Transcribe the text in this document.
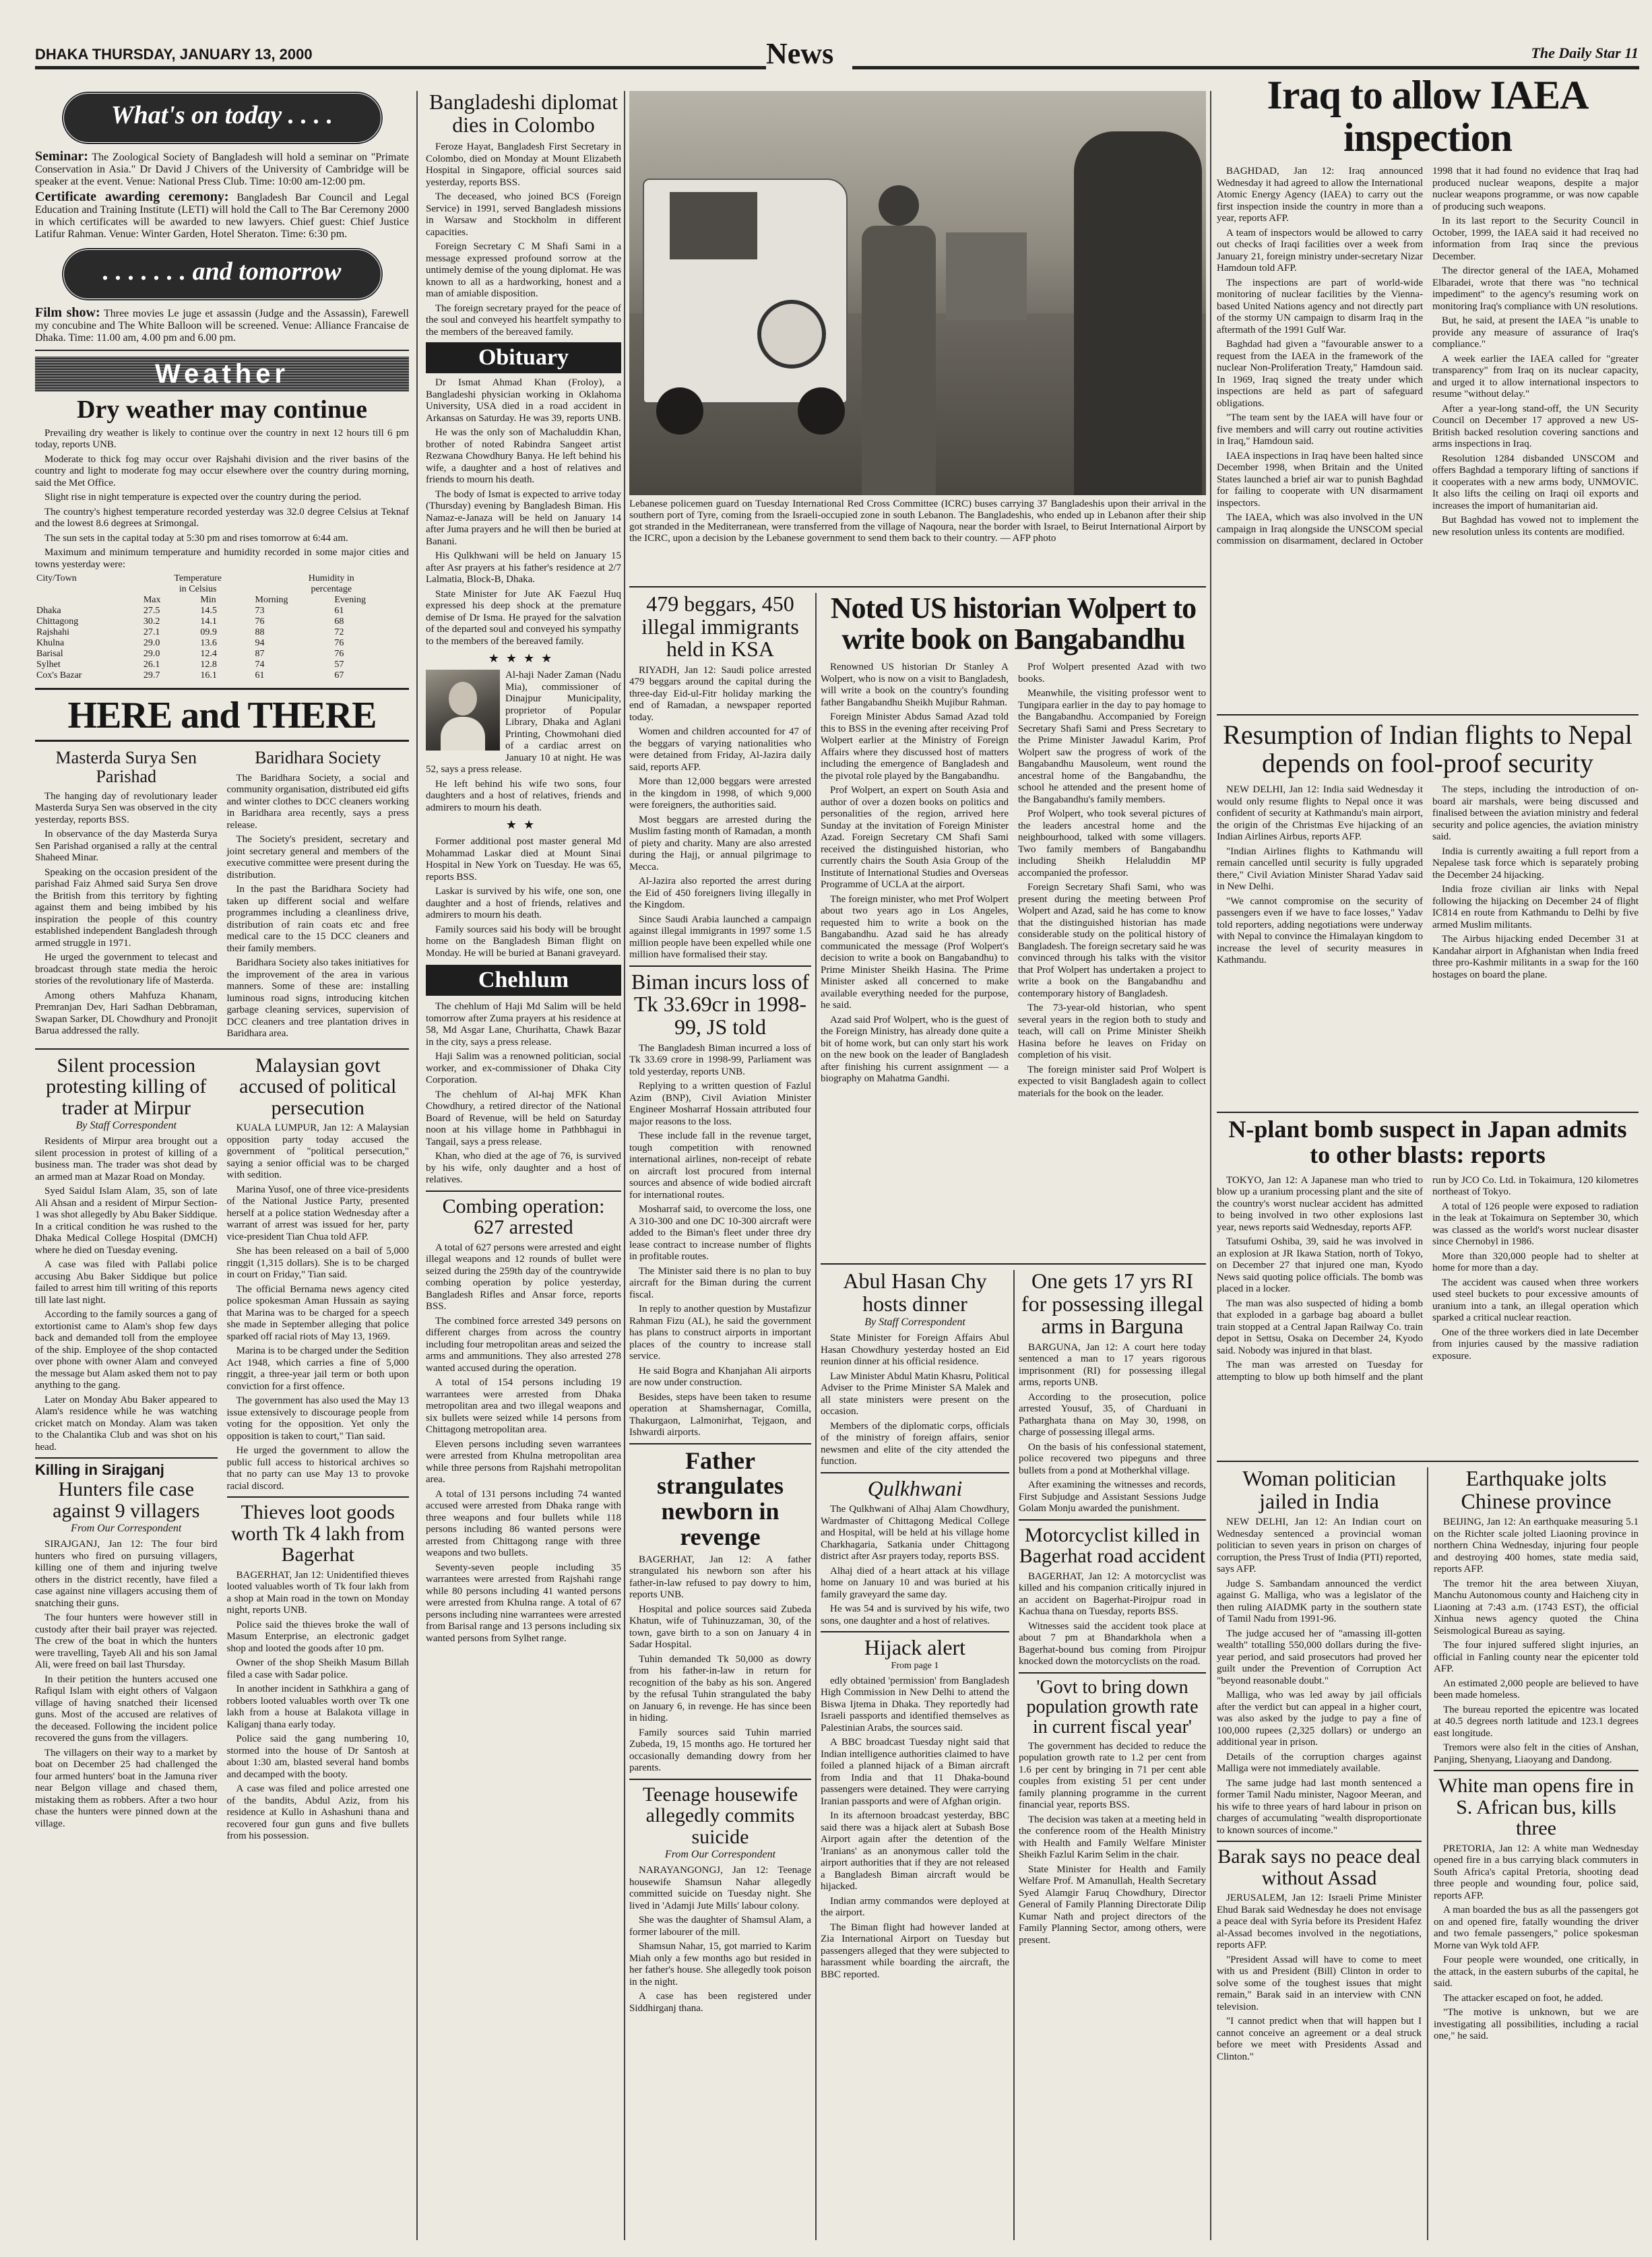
DHAKA THURSDAY, JANUARY 13, 2000	News	The Daily Star 11
What's on today . . . .

Seminar: The Zoological Society of Bangladesh will hold a seminar on "Primate Conservation in Asia." Dr David J Chivers of the University of Cambridge will be speaker at the event. Venue: National Press Club. Time: 10:00 am-12:00 pm.

Certificate awarding ceremony: Bangladesh Bar Council and Legal Education and Training Institute (LETI) will hold the Call to The Bar Ceremony 2000 in which certificates will be awarded to new lawyers. Chief guest: Chief Justice Latifur Rahman. Venue: Winter Garden, Hotel Sheraton. Time: 6:30 pm.

. . . . . . . and tomorrow

Film show: Three movies Le juge et assassin (Judge and the Assassin), Farewell my concubine and The White Balloon will be screened. Venue: Alliance Francaise de Dhaka. Time: 11.00 am, 4.00 pm and 6.00 pm.

Weather
Dry weather may continue

Prevailing dry weather is likely to continue over the country in next 12 hours till 6 pm today, reports UNB.

Moderate to thick fog may occur over Rajshahi division and the river basins of the country and light to moderate fog may occur elsewhere over the country during morning, said the Met Office.

Slight rise in night temperature is expected over the country during the period.

The country's highest temperature recorded yesterday was 32.0 degree Celsius at Teknaf and the lowest 8.6 degrees at Srimongal.

The sun sets in the capital today at 5:30 pm and rises tomorrow at 6:44 am.

Maximum and minimum temperature and humidity recorded in some major cities and towns yesterday were:

City/Town	Temperature		Humidity in	
	in Celsius		percentage	
	Max	Min	Morning	Evening
Dhaka	27.5	14.5	73	61
Chittagong	30.2	14.1	76	68
Rajshahi	27.1	09.9	88	72
Khulna	29.0	13.6	94	76
Barisal	29.0	12.4	87	76
Sylhet	26.1	12.8	74	57
Cox's Bazar	29.7	16.1	61	67
HERE and THERE
Masterda Surya Sen Parishad

The hanging day of revolutionary leader Masterda Surya Sen was observed in the city yesterday, reports BSS.

In observance of the day Masterda Surya Sen Parishad organised a rally at the central Shaheed Minar.

Speaking on the occasion president of the parishad Faiz Ahmed said Surya Sen drove the British from this territory by fighting against them and being imbibed by his inspiration the people of this country established independent Bangladesh through armed struggle in 1971.

He urged the government to telecast and broadcast through state media the heroic stories of the revolutionary life of Masterda.

Among others Mahfuza Khanam, Premranjan Dev, Hari Sadhan Debbraman, Swapan Sarker, DL Chowdhury and Pronojit Barua addressed the rally.

Baridhara Society

The Baridhara Society, a social and community organisation, distributed eid gifts and winter clothes to DCC cleaners working in Baridhara area recently, says a press release.

The Society's president, secretary and joint secretary general and members of the executive committee were present during the distribution.

In the past the Baridhara Society had taken up different social and welfare programmes including a cleanliness drive, distribution of rain coats etc and free medical care to the 15 DCC cleaners and their family members.

Baridhara Society also takes initiatives for the improvement of the area in various manners. Some of these are: installing luminous road signs, introducing kitchen garbage cleaning services, supervision of DCC cleaners and tree plantation drives in Baridhara area.

Silent procession protesting killing of trader at Mirpur

By Staff Correspondent

Residents of Mirpur area brought out a silent procession in protest of killing of a business man. The trader was shot dead by an armed man at Mazar Road on Monday.

Syed Saidul Islam Alam, 35, son of late Ali Ahsan and a resident of Mirpur Section-1 was shot allegedly by Abu Baker Siddique. In a critical condition he was rushed to the Dhaka Medical College Hospital (DMCH) where he died on Tuesday evening.

A case was filed with Pallabi police accusing Abu Baker Siddique but police failed to arrest him till writing of this reports till late last night.

According to the family sources a gang of extortionist came to Alam's shop few days back and demanded toll from the employee of the ship. Employee of the shop contacted over phone with owner Alam and conveyed the message but Alam asked them not to pay anything to the gang.

Later on Monday Abu Baker appeared to Alam's residence while he was watching cricket match on Monday. Alam was taken to the Chalantika Club and was shot on his head.

Killing in Sirajganj
Hunters file case against 9 villagers

From Our Correspondent

SIRAJGANJ, Jan 12: The four bird hunters who fired on pursuing villagers, killing one of them and injuring twelve others in the district recently, have filed a case against nine villagers accusing them of snatching their guns.

The four hunters were however still in custody after their bail prayer was rejected. The crew of the boat in which the hunters were travelling, Tayeb Ali and his son Jamal Ali, were freed on bail last Thursday.

In their petition the hunters accused one Rafiqul Islam with eight others of Valgaon village of having snatched their licensed guns. Most of the accused are relatives of the deceased. Following the incident police recovered the guns from the villagers.

The villagers on their way to a market by boat on December 25 had challenged the four armed hunters' boat in the Jamuna river near Belgon village and chased them, mistaking them as robbers. After a two hour chase the hunters were pinned down at the village.

Malaysian govt accused of political persecution

KUALA LUMPUR, Jan 12: A Malaysian opposition party today accused the government of "political persecution," saying a senior official was to be charged with sedition.

Marina Yusof, one of three vice-presidents of the National Justice Party, presented herself at a police station Wednesday after a warrant of arrest was issued for her, party vice-president Tian Chua told AFP.

She has been released on a bail of 5,000 ringgit (1,315 dollars). She is to be charged in court on Friday," Tian said.

The official Bernama news agency cited police spokesman Aman Hussain as saying that Marina was to be charged for a speech she made in September alleging that police sparked off racial riots of May 13, 1969.

Marina is to be charged under the Sedition Act 1948, which carries a fine of 5,000 ringgit, a three-year jail term or both upon conviction for a first offence.

The government has also used the May 13 issue extensively to discourage people from voting for the opposition. Yet only the opposition is taken to court," Tian said.

He urged the government to allow the public full access to historical archives so that no party can use May 13 to provoke racial discord.

Thieves loot goods worth Tk 4 lakh from Bagerhat

BAGERHAT, Jan 12: Unidentified thieves looted valuables worth of Tk four lakh from a shop at Main road in the town on Monday night, reports UNB.

Police said the thieves broke the wall of Masum Enterprise, an electronic gadget shop and looted the goods after 10 pm.

Owner of the shop Sheikh Masum Billah filed a case with Sadar police.

In another incident in Sathkhira a gang of robbers looted valuables worth over Tk one lakh from a house at Balakota village in Kaliganj thana early today.

Police said the gang numbering 10, stormed into the house of Dr Santosh at about 1:30 am, blasted several hand bombs and decamped with the booty.

A case was filed and police arrested one of the bandits, Abdul Aziz, from his residence at Kullo in Ashashuni thana and recovered four gun guns and five bullets from his possession.

Bangladeshi diplomat dies in Colombo

Feroze Hayat, Bangladesh First Secretary in Colombo, died on Monday at Mount Elizabeth Hospital in Singapore, official sources said yesterday, reports BSS.

The deceased, who joined BCS (Foreign Service) in 1991, served Bangladesh missions in Warsaw and Stockholm in different capacities.

Foreign Secretary C M Shafi Sami in a message expressed profound sorrow at the untimely demise of the young diplomat. He was known to all as a hardworking, honest and a man of amiable disposition.

The foreign secretary prayed for the peace of the soul and conveyed his heartfelt sympathy to the members of the bereaved family.

Obituary

Dr Ismat Ahmad Khan (Froloy), a Bangladeshi physician working in Oklahoma University, USA died in a road accident in Arkansas on Saturday. He was 39, reports UNB.

He was the only son of Machaluddin Khan, brother of noted Rabindra Sangeet artist Rezwana Chowdhury Banya. He left behind his wife, a daughter and a host of relatives and friends to mourn his death.

The body of Ismat is expected to arrive today (Thursday) evening by Bangladesh Biman. His Namaz-e-Janaza will be held on January 14 after Juma prayers and he will then be buried at Banani.

His Qulkhwani will be held on January 15 after Asr prayers at his father's residence at 2/7 Lalmatia, Block-B, Dhaka.

State Minister for Jute AK Faezul Huq expressed his deep shock at the premature demise of Dr Isma. He prayed for the salvation of the departed soul and conveyed his sympathy to the members of the bereaved family.

★★★★

Al-haji Nader Zaman (Nadu Mia), commissioner of Dinajpur Municipality, proprietor of Popular Library, Dhaka and Aglani Printing, Chowmohani died of a cardiac arrest on January 10 at night. He was 52, says a press release.

He left behind his wife two sons, four daughters and a host of relatives, friends and admirers to mourn his death.

★★

Former additional post master general Md Mohammad Laskar died at Mount Sinai Hospital in New York on Tuesday. He was 65, reports BSS.

Laskar is survived by his wife, one son, one daughter and a host of friends, relatives and admirers to mourn his death.

Family sources said his body will be brought home on the Bangladesh Biman flight on Monday. He will be buried at Banani graveyard.

Chehlum

The chehlum of Haji Md Salim will be held tomorrow after Zuma prayers at his residence at 58, Md Asgar Lane, Churihatta, Chawk Bazar in the city, says a press release.

Haji Salim was a renowned politician, social worker, and ex-commissioner of Dhaka City Corporation.

The chehlum of Al-haj MFK Khan Chowdhury, a retired director of the National Board of Revenue, will be held on Saturday noon at his village home in Pathbhagui in Tangail, says a press release.

Khan, who died at the age of 76, is survived by his wife, only daughter and a host of relatives.

Combing operation: 627 arrested

A total of 627 persons were arrested and eight illegal weapons and 12 rounds of bullet were seized during the 259th day of the countrywide combing operation by police yesterday, Bangladesh Rifles and Ansar force, reports BSS.

The combined force arrested 349 persons on different charges from across the country including four metropolitan areas and seized the arms and ammunitions. They also arrested 278 wanted accused during the operation.

A total of 154 persons including 19 warrantees were arrested from Dhaka metropolitan area and two illegal weapons and six bullets were seized while 14 persons from Chittagong metropolitan area.

Eleven persons including seven warrantees were arrested from Khulna metropolitan area while three persons from Rajshahi metropolitan area.

A total of 131 persons including 74 wanted accused were arrested from Dhaka range with three weapons and four bullets while 118 persons including 86 wanted persons were arrested from Chittagong range with three weapons and two bullets.

Seventy-seven people including 35 warrantees were arrested from Rajshahi range while 80 persons including 41 wanted persons were arrested from Khulna range. A total of 67 persons including nine warrantees were arrested from Barisal range and 13 persons including six wanted persons from Sylhet range.

Lebanese policemen guard on Tuesday International Red Cross Committee (ICRC) buses carrying 37 Bangladeshis upon their arrival in the southern port of Tyre, coming from the Israeli-occupied zone in south Lebanon. The Bangladeshis, who ended up in Lebanon after their ship got stranded in the Mediterranean, were transferred from the village of Naqoura, near the border with Israel, to Beirut International Airport by the ICRC, upon a decision by the Lebanese government to send them back to their country. — AFP photo
479 beggars, 450 illegal immigrants held in KSA

RIYADH, Jan 12: Saudi police arrested 479 beggars around the capital during the three-day Eid-ul-Fitr holiday marking the end of Ramadan, a newspaper reported today.

Women and children accounted for 47 of the beggars of varying nationalities who were detained from Friday, Al-Jazira daily said, reports AFP.

More than 12,000 beggars were arrested in the kingdom in 1998, of which 9,000 were foreigners, the authorities said.

Most beggars are arrested during the Muslim fasting month of Ramadan, a month of piety and charity. Many are also arrested during the Hajj, or annual pilgrimage to Mecca.

Al-Jazira also reported the arrest during the Eid of 450 foreigners living illegally in the Kingdom.

Since Saudi Arabia launched a campaign against illegal immigrants in 1997 some 1.5 million people have been expelled while one million have formalised their stay.

Biman incurs loss of Tk 33.69cr in 1998-99, JS told

The Bangladesh Biman incurred a loss of Tk 33.69 crore in 1998-99, Parliament was told yesterday, reports UNB.

Replying to a written question of Fazlul Azim (BNP), Civil Aviation Minister Engineer Mosharraf Hossain attributed four major reasons to the loss.

These include fall in the revenue target, tough competition with renowned international airlines, non-receipt of rebate on aircraft lost procured from internal sources and absence of wide bodied aircraft for international routes.

Mosharraf said, to overcome the loss, one A 310-300 and one DC 10-300 aircraft were added to the Biman's fleet under three dry lease contract to increase number of flights in profitable routes.

The Minister said there is no plan to buy aircraft for the Biman during the current fiscal.

In reply to another question by Mustafizur Rahman Fizu (AL), he said the government has plans to construct airports in important places of the country to increase stall service.

He said Bogra and Khanjahan Ali airports are now under construction.

Besides, steps have been taken to resume operation at Shamshernagar, Comilla, Thakurgaon, Lalmonirhat, Tejgaon, and Ishwardi airports.

Father strangulates newborn in revenge

BAGERHAT, Jan 12: A father strangulated his newborn son after his father-in-law refused to pay dowry to him, reports UNB.

Hospital and police sources said Zubeda Khatun, wife of Tuhinuzzaman, 30, of the town, gave birth to a son on January 4 in Sadar Hospital.

Tuhin demanded Tk 50,000 as dowry from his father-in-law in return for recognition of the baby as his son. Angered by the refusal Tuhin strangulated the baby on January 6, in revenge. He has since been in hiding.

Family sources said Tuhin married Zubeda, 19, 15 months ago. He tortured her occasionally demanding dowry from her parents.

Teenage housewife allegedly commits suicide

From Our Correspondent

NARAYANGONGJ, Jan 12: Teenage housewife Shamsun Nahar allegedly committed suicide on Tuesday night. She lived in 'Adamji Jute Mills' labour colony.

She was the daughter of Shamsul Alam, a former labourer of the mill.

Shamsun Nahar, 15, got married to Karim Miah only a few months ago but resided in her father's house. She allegedly took poison in the night.

A case has been registered under Siddhirganj thana.

Noted US historian Wolpert to write book on Bangabandhu

Renowned US historian Dr Stanley A Wolpert, who is now on a visit to Bangladesh, will write a book on the country's founding father Bangabandhu Sheikh Mujibur Rahman.

Foreign Minister Abdus Samad Azad told this to BSS in the evening after receiving Prof Wolpert earlier at the Ministry of Foreign Affairs where they discussed host of matters including the emergence of Bangladesh and the pivotal role played by the Bangabandhu.

Prof Wolpert, an expert on South Asia and author of over a dozen books on politics and personalities of the region, arrived here Sunday at the invitation of Foreign Minister Azad. Foreign Secretary CM Shafi Sami received the distinguished historian, who currently chairs the South Asia Group of the Institute of International Studies and Overseas Programme of UCLA at the airport.

The foreign minister, who met Prof Wolpert about two years ago in Los Angeles, requested him to write a book on the Bangabandhu. Azad said he has already communicated the message (Prof Wolpert's decision to write a book on Bangabandhu) to Prime Minister Sheikh Hasina. The Prime Minister asked all concerned to make available everything needed for the purpose, he said.

Azad said Prof Wolpert, who is the guest of the Foreign Ministry, has already done quite a bit of home work, but can only start his work on the new book on the leader of Bangladesh after finishing his current assignment — a biography on Mahatma Gandhi.

Prof Wolpert presented Azad with two books.

Meanwhile, the visiting professor went to Tungipara earlier in the day to pay homage to the Bangabandhu. Accompanied by Foreign Secretary Shafi Sami and Press Secretary to the Prime Minister Jawadul Karim, Prof Wolpert saw the progress of work of the Bangabandhu Mausoleum, went round the ancestral home of the Bangabandhu, the school he attended and the present home of the Bangabandhu's family members.

Prof Wolpert, who took several pictures of the leaders ancestral home and the neighbourhood, talked with some villagers. Two family members of Bangabandhu including Sheikh Helaluddin MP accompanied the professor.

Foreign Secretary Shafi Sami, who was present during the meeting between Prof Wolpert and Azad, said he has come to know that the distinguished historian has made considerable study on the political history of Bangladesh. The foreign secretary said he was convinced through his talks with the visitor that Prof Wolpert has undertaken a project to write a book on the Bangabandhu and contemporary history of Bangladesh.

The 73-year-old historian, who spent several years in the region both to study and teach, will call on Prime Minister Sheikh Hasina before he leaves on Friday on completion of his visit.

The foreign minister said Prof Wolpert is expected to visit Bangladesh again to collect materials for the book on the leader.

Abul Hasan Chy hosts dinner

By Staff Correspondent

State Minister for Foreign Affairs Abul Hasan Chowdhury yesterday hosted an Eid reunion dinner at his official residence.

Law Minister Abdul Matin Khasru, Political Adviser to the Prime Minister SA Malek and all state ministers were present on the occasion.

Members of the diplomatic corps, officials of the ministry of foreign affairs, senior newsmen and elite of the city attended the function.

Qulkhwani

The Qulkhwani of Alhaj Alam Chowdhury, Wardmaster of Chittagong Medical College and Hospital, will be held at his village home Charkhagaria, Satkania under Chittagong district after Asr prayers today, reports BSS.

Alhaj died of a heart attack at his village home on January 10 and was buried at his family graveyard the same day.

He was 54 and is survived by his wife, two sons, one daughter and a host of relatives.

Hijack alert

From page 1

edly obtained 'permission' from Bangladesh High Commission in New Delhi to attend the Biswa Ijtema in Dhaka. They reportedly had Israeli passports and identified themselves as Palestinian Arabs, the sources said.

A BBC broadcast Tuesday night said that Indian intelligence authorities claimed to have foiled a planned hijack of a Biman aircraft from India and that 11 Dhaka-bound passengers were detained. They were carrying Iranian passports and were of Afghan origin.

In its afternoon broadcast yesterday, BBC said there was a hijack alert at Subash Bose Airport again after the detention of the 'Iranians' as an anonymous caller told the airport authorities that if they are not released a Bangladesh Biman aircraft would be hijacked.

Indian army commandos were deployed at the airport.

The Biman flight had however landed at Zia International Airport on Tuesday but passengers alleged that they were subjected to harassment while boarding the aircraft, the BBC reported.

One gets 17 yrs RI for possessing illegal arms in Barguna

BARGUNA, Jan 12: A court here today sentenced a man to 17 years rigorous imprisonment (RI) for possessing illegal arms, reports UNB.

According to the prosecution, police arrested Yousuf, 35, of Charduani in Patharghata thana on May 30, 1998, on charge of possessing illegal arms.

On the basis of his confessional statement, police recovered two pipeguns and three bullets from a pond at Motherkhal village.

After examining the witnesses and records, First Subjudge and Assistant Sessions Judge Golam Monju awarded the punishment.

Motorcyclist killed in Bagerhat road accident

BAGERHAT, Jan 12: A motorcyclist was killed and his companion critically injured in an accident on Bagerhat-Pirojpur road in Kachua thana on Tuesday, reports BSS.

Witnesses said the accident took place at about 7 pm at Bhandarkhola when a Bagerhat-bound bus coming from Pirojpur knocked down the motorcyclists on the road.

'Govt to bring down population growth rate in current fiscal year'

The government has decided to reduce the population growth rate to 1.2 per cent from 1.6 per cent by bringing in 71 per cent able couples from existing 51 per cent under family planning programme in the current financial year, reports BSS.

The decision was taken at a meeting held in the conference room of the Health Ministry with Health and Family Welfare Minister Sheikh Fazlul Karim Selim in the chair.

State Minister for Health and Family Welfare Prof. M Amanullah, Health Secretary Syed Alamgir Faruq Chowdhury, Director General of Family Planning Directorate Dilip Kumar Nath and project directors of the Family Planning Sector, among others, were present.

Iraq to allow IAEA inspection

BAGHDAD, Jan 12: Iraq announced Wednesday it had agreed to allow the International Atomic Energy Agency (IAEA) to carry out the first inspection inside the country in more than a year, reports AFP.

A team of inspectors would be allowed to carry out checks of Iraqi facilities over a week from January 21, foreign ministry under-secretary Nizar Hamdoun told AFP.

The inspections are part of world-wide monitoring of nuclear facilities by the Vienna-based United Nations agency and not directly part of the stormy UN campaign to disarm Iraq in the aftermath of the 1991 Gulf War.

Baghdad had given a "favourable answer to a request from the IAEA in the framework of the nuclear Non-Proliferation Treaty," Hamdoun said. In 1969, Iraq signed the treaty under which inspections are held as part of safeguard obligations.

"The team sent by the IAEA will have four or five members and will carry out routine activities in Iraq," Hamdoun said.

IAEA inspections in Iraq have been halted since December 1998, when Britain and the United States launched a brief air war to punish Baghdad for failing to cooperate with UN disarmament inspectors.

The IAEA, which was also involved in the UN campaign in Iraq alongside the UNSCOM special commission on disarmament, declared in October 1998 that it had found no evidence that Iraq had produced nuclear weapons, despite a major nuclear weapons programme, or was now capable of producing such weapons.

In its last report to the Security Council in October, 1999, the IAEA said it had received no information from Iraq since the previous December.

The director general of the IAEA, Mohamed Elbaradei, wrote that there was "no technical impediment" to the agency's resuming work on monitoring Iraq's compliance with UN resolutions.

But, he said, at present the IAEA "is unable to provide any measure of assurance of Iraq's compliance."

A week earlier the IAEA called for "greater transparency" from Iraq on its nuclear capacity, and urged it to allow international inspectors to resume "without delay."

After a year-long stand-off, the UN Security Council on December 17 approved a new US-British backed resolution covering sanctions and arms inspections in Iraq.

Resolution 1284 disbanded UNSCOM and offers Baghdad a temporary lifting of sanctions if it cooperates with a new arms body, UNMOVIC. It also lifts the ceiling on Iraqi oil exports and increases the import of humanitarian aid.

But Baghdad has vowed not to implement the new resolution unless its contents are modified.

Resumption of Indian flights to Nepal depends on fool-proof security

NEW DELHI, Jan 12: India said Wednesday it would only resume flights to Nepal once it was confident of security at Kathmandu's main airport, the origin of the Christmas Eve hijacking of an Indian Airlines Airbus, reports AFP.

"Indian Airlines flights to Kathmandu will remain cancelled until security is fully upgraded there," Civil Aviation Minister Sharad Yadav said in New Delhi.

"We cannot compromise on the security of passengers even if we have to face losses," Yadav told reporters, adding negotiations were underway with Nepal to convince the Himalayan kingdom to increase the level of security measures in Kathmandu.

The steps, including the introduction of on-board air marshals, were being discussed and finalised between the aviation ministry and federal security and police agencies, the aviation ministry said.

India is currently awaiting a full report from a Nepalese task force which is separately probing the December 24 hijacking.

India froze civilian air links with Nepal following the hijacking on December 24 of flight IC814 en route from Kathmandu to Delhi by five armed Muslim militants.

The Airbus hijacking ended December 31 at Kandahar airport in Afghanistan when India freed three pro-Kashmir militants in a swap for the 160 hostages on board the plane.

N-plant bomb suspect in Japan admits to other blasts: reports

TOKYO, Jan 12: A Japanese man who tried to blow up a uranium processing plant and the site of the country's worst nuclear accident has admitted to being involved in two other explosions last year, news reports said Wednesday, reports AFP.

Tatsufumi Oshiba, 39, said he was involved in an explosion at JR Ikawa Station, north of Tokyo, on December 27 that injured one man, Kyodo News said quoting police officials. The bomb was placed in a locker.

The man was also suspected of hiding a bomb that exploded in a garbage bag aboard a bullet train stopped at a Central Japan Railway Co. train depot in Settsu, Osaka on December 24, Kyodo said. Nobody was injured in that blast.

The man was arrested on Tuesday for attempting to blow up both himself and the plant run by JCO Co. Ltd. in Tokaimura, 120 kilometres northeast of Tokyo.

A total of 126 people were exposed to radiation in the leak at Tokaimura on September 30, which was classed as the world's worst nuclear disaster since Chernobyl in 1986.

More than 320,000 people had to shelter at home for more than a day.

The accident was caused when three workers used steel buckets to pour excessive amounts of uranium into a tank, an illegal operation which sparked a critical nuclear reaction.

One of the three workers died in late December from injuries caused by the massive radiation exposure.

Woman politician jailed in India

NEW DELHI, Jan 12: An Indian court on Wednesday sentenced a provincial woman politician to seven years in prison on charges of corruption, the Press Trust of India (PTI) reported, says AFP.

Judge S. Sambandam announced the verdict against G. Malliga, who was a legislator of the then ruling AIADMK party in the southern state of Tamil Nadu from 1991-96.

The judge accused her of "amassing ill-gotten wealth" totalling 550,000 dollars during the five-year period, and said prosecutors had proved her guilt under the Prevention of Corruption Act "beyond reasonable doubt."

Malliga, who was led away by jail officials after the verdict but can appeal in a higher court, was also asked by the judge to pay a fine of 100,000 rupees (2,325 dollars) or undergo an additional year in prison.

Details of the corruption charges against Malliga were not immediately available.

The same judge had last month sentenced a former Tamil Nadu minister, Nagoor Meeran, and his wife to three years of hard labour in prison on charges of accumulating "wealth disproportionate to known sources of income."

Barak says no peace deal without Assad

JERUSALEM, Jan 12: Israeli Prime Minister Ehud Barak said Wednesday he does not envisage a peace deal with Syria before its President Hafez al-Assad becomes involved in the negotiations, reports AFP.

"President Assad will have to come to meet with us and President (Bill) Clinton in order to solve some of the toughest issues that might remain," Barak said in an interview with CNN television.

"I cannot predict when that will happen but I cannot conceive an agreement or a deal struck before we meet with Presidents Assad and Clinton."

Earthquake jolts Chinese province

BEIJING, Jan 12: An earthquake measuring 5.1 on the Richter scale jolted Liaoning province in northern China Wednesday, injuring four people and destroying 400 homes, state media said, reports AFP.

The tremor hit the area between Xiuyan, Manchu Autonomous county and Haicheng city in Liaoning at 7:43 a.m. (1743 EST), the official Xinhua news agency quoted the China Seismological Bureau as saying.

The four injured suffered slight injuries, an official in Fanling county near the epicenter told AFP.

An estimated 2,000 people are believed to have been made homeless.

The bureau reported the epicentre was located at 40.5 degrees north latitude and 123.1 degrees east longitude.

Tremors were also felt in the cities of Anshan, Panjing, Shenyang, Liaoyang and Dandong.

White man opens fire in S. African bus, kills three

PRETORIA, Jan 12: A white man Wednesday opened fire in a bus carrying black commuters in South Africa's capital Pretoria, shooting dead three people and wounding four, police said, reports AFP.

A man boarded the bus as all the passengers got on and opened fire, fatally wounding the driver and two female passengers," police spokesman Morne van Wyk told AFP.

Four people were wounded, one critically, in the attack, in the eastern suburbs of the capital, he said.

The attacker escaped on foot, he added.

"The motive is unknown, but we are investigating all possibilities, including a racial one," he said.
